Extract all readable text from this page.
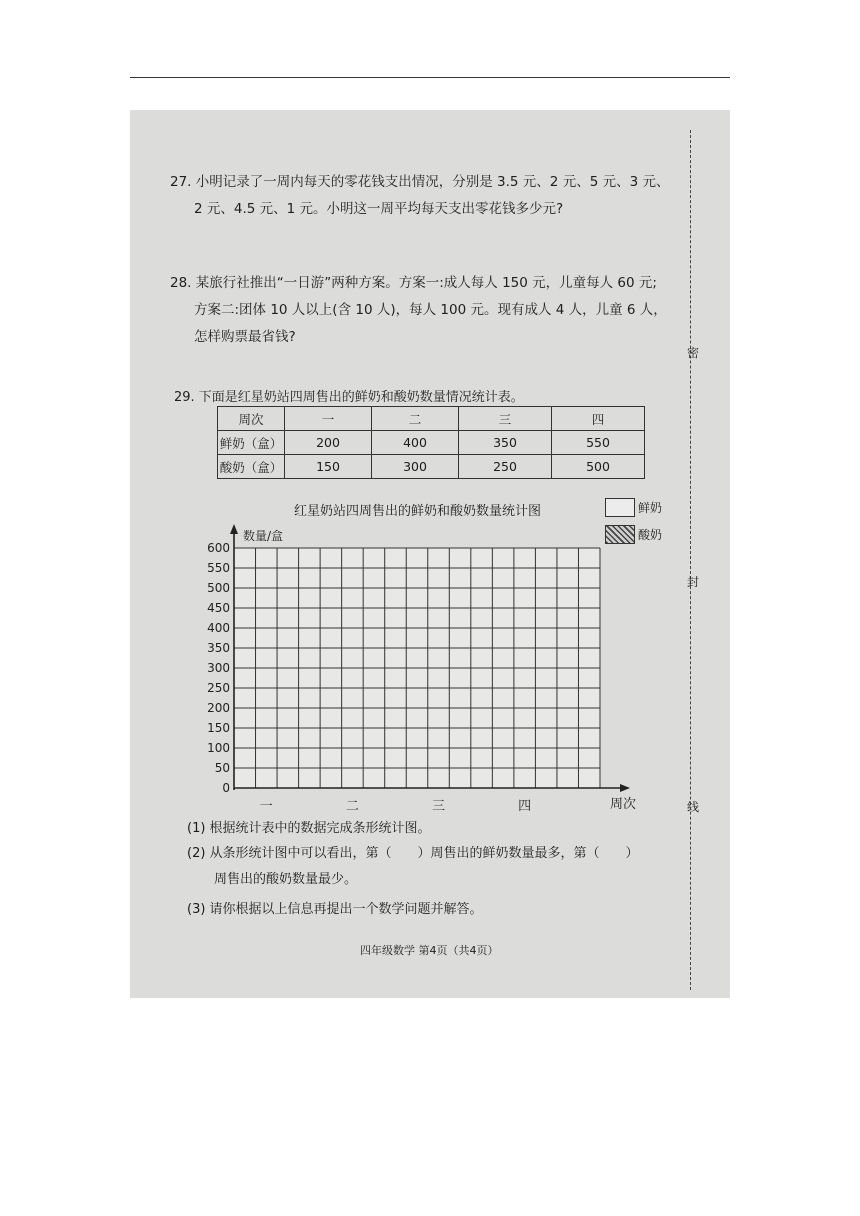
密
封
线
27. 小明记录了一周内每天的零花钱支出情况，分别是 3.5 元、2 元、5 元、3 元、
2 元、4.5 元、1 元。小明这一周平均每天支出零花钱多少元?
28. 某旅行社推出“一日游”两种方案。方案一:成人每人 150 元，儿童每人 60 元;
方案二:团体 10 人以上(含 10 人)，每人 100 元。现有成人 4 人，儿童 6 人，
怎样购票最省钱?
29. 下面是红星奶站四周售出的鲜奶和酸奶数量情况统计表。
周次	一	二	三	四
鲜奶（盒）	200	400	350	550
酸奶（盒）	150	300	250	500
红星奶站四周售出的鲜奶和酸奶数量统计图	鲜奶
酸奶
0
50
100
150
200
250
300
350
400
450
500
550
600
数量/盒
一	二	三	四	周次
(1) 根据统计表中的数据完成条形统计图。
(2) 从条形统计图中可以看出，第（　　）周售出的鲜奶数量最多，第（　　）
周售出的酸奶数量最少。
(3) 请你根据以上信息再提出一个数学问题并解答。
四年级数学 第4页（共4页）
